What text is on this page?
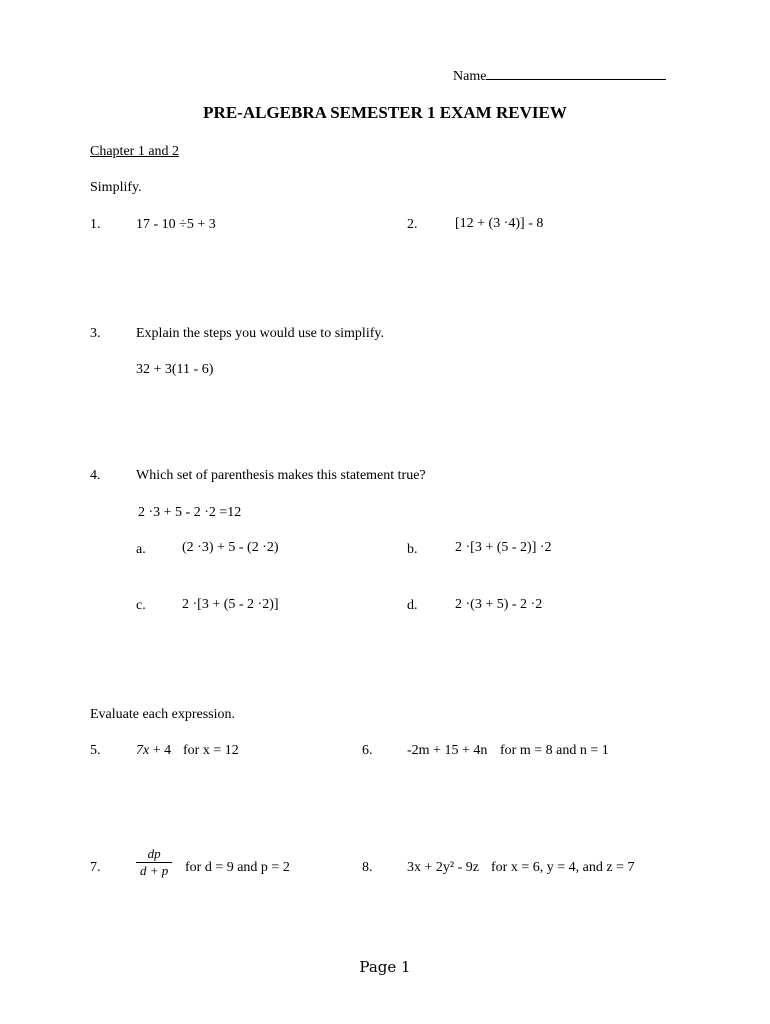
Name
PRE-ALGEBRA SEMESTER 1 EXAM REVIEW
Chapter 1 and 2
Simplify.
1.	17 - 10 ÷5 + 3	2.	[12 + (3 ·4)] - 8
3.	Explain the steps you would use to simplify.
32 + 3(11 - 6)
4.	Which set of parenthesis makes this statement true?
2 ·3 + 5 - 2 ·2 =12
a.	(2 ·3) + 5 - (2 ·2)	b.	2 ·[3 + (5 - 2)] ·2
c.	2 ·[3 + (5 - 2 ·2)]	d.	2 ·(3 + 5) - 2 ·2
Evaluate each expression.
5.	7x + 4 for x = 12	6. -2m + 15 + 4n for m = 8 and n = 1
7.	$\frac{dp}{d + p}$ for d = 9 and p = 2	8. 3x + 2y² - 9z for x = 6, y = 4, and z = 7
Page 1
